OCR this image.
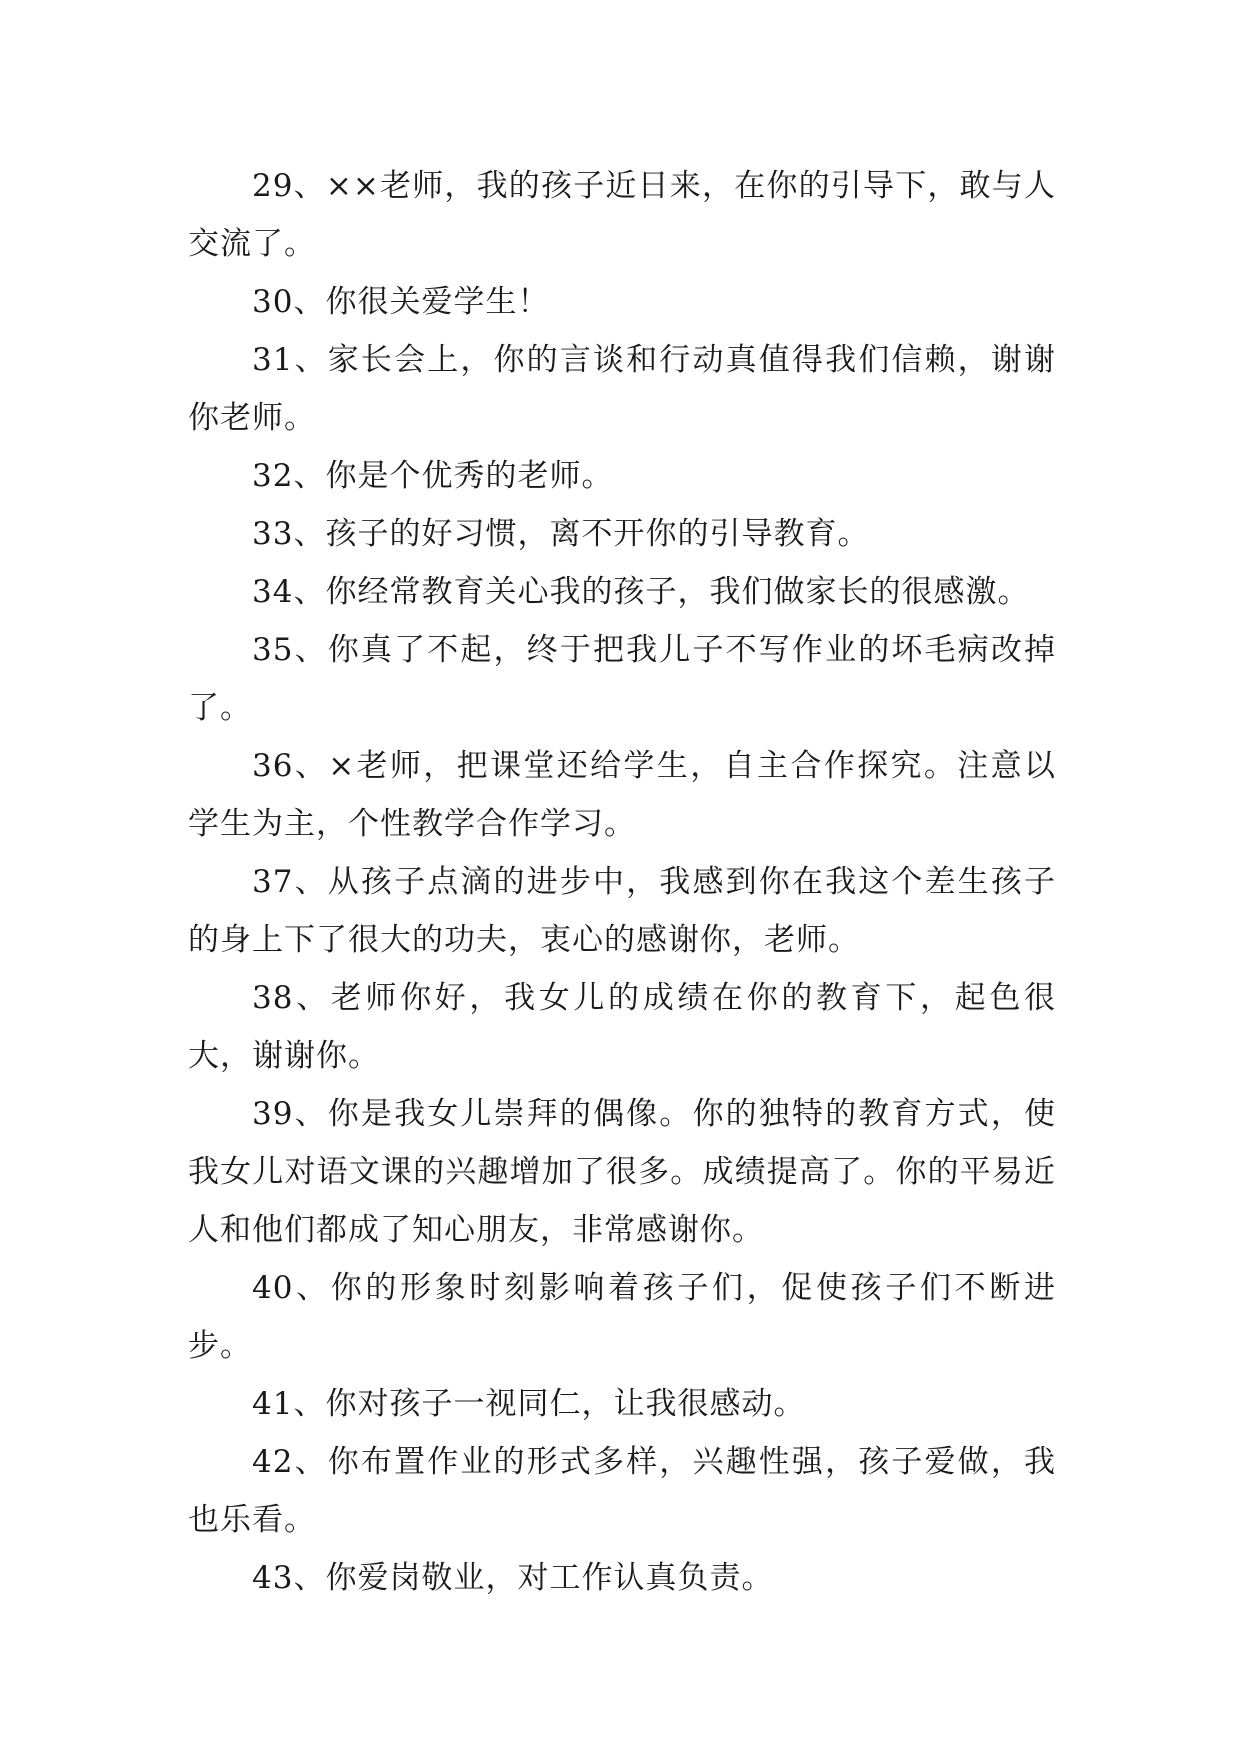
29、××老师，我的孩子近日来，在你的引导下，敢与人交流了。

30、你很关爱学生！

31、家长会上，你的言谈和行动真值得我们信赖，谢谢你老师。

32、你是个优秀的老师。

33、孩子的好习惯，离不开你的引导教育。

34、你经常教育关心我的孩子，我们做家长的很感激。

35、你真了不起，终于把我儿子不写作业的坏毛病改掉了。

36、×老师，把课堂还给学生，自主合作探究。注意以学生为主，个性教学合作学习。

37、从孩子点滴的进步中，我感到你在我这个差生孩子的身上下了很大的功夫，衷心的感谢你，老师。

38、老师你好，我女儿的成绩在你的教育下，起色很大，谢谢你。

39、你是我女儿崇拜的偶像。你的独特的教育方式，使我女儿对语文课的兴趣增加了很多。成绩提高了。你的平易近人和他们都成了知心朋友，非常感谢你。

40、你的形象时刻影响着孩子们，促使孩子们不断进步。

41、你对孩子一视同仁，让我很感动。

42、你布置作业的形式多样，兴趣性强，孩子爱做，我也乐看。

43、你爱岗敬业，对工作认真负责。
